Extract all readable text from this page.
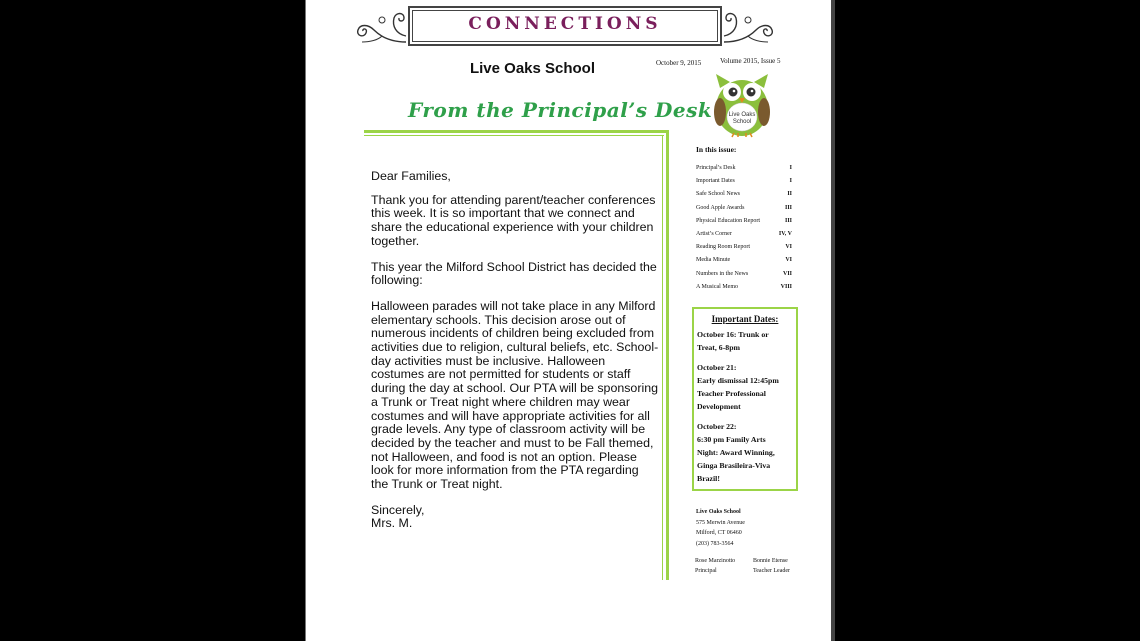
CONNECTIONS
Live Oaks School	October 9, 2015	Volume 2015, Issue 5
Live Oaks
School
From the Principal’s Desk

Dear Families,

Thank you for attending parent/teacher conferences this week. It is so important that we connect and share the educational experience with your children together.

This year the Milford School District has decided the following:

Halloween parades will not take place in any Milford elementary schools. This decision arose out of numerous incidents of children being excluded from activities due to religion, cultural beliefs, etc. School-day activities must be inclusive. Halloween costumes are not permitted for students or staff during the day at school. Our PTA will be sponsoring a Trunk or Treat night where children may wear costumes and will have appropriate activities for all grade levels. Any type of classroom activity will be decided by the teacher and must to be Fall themed, not Halloween, and food is not an option. Please look for more information from the PTA regarding the Trunk or Treat night.

Sincerely,

Mrs. M.

In this issue:
Principal’s Desk	I
Important Dates	I
Safe School News	II
Good Apple Awards	III
Physical Education Report	III
Artist’s Corner	IV, V
Reading Room Report	VI
Media Minute	VI
Numbers in the News	VII
A Musical Memo	VIII
Important Dates:
October 16: Trunk or
Treat, 6-8pm
October 21:
Early dismissal 12:45pm
Teacher Professional
Development
October 22:
6:30 pm Family Arts
Night: Award Winning,
Ginga Brasileira-Viva
Brazil!
Live Oaks School
575 Merwin Avenue
Milford, CT 06460
(203) 783-3564
Rose Marzinotto
Principal
Bonnie Etense
Teacher Leader
